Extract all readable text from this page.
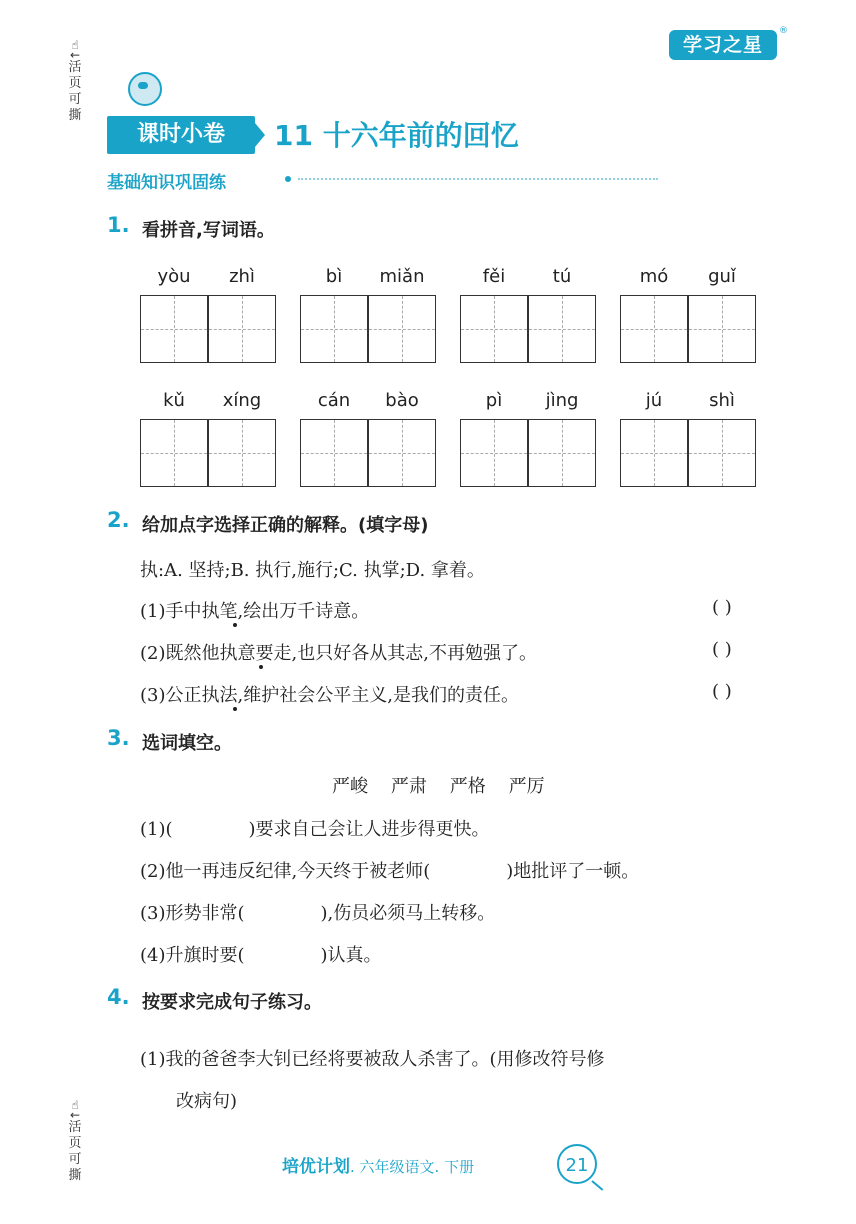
☝
←
活
页
可
撕
☝
←
活
页
可
撕
学习之星
®
课时小卷	11 十六年前的回忆
基础知识巩固练
1. 看拼音,写词语。
yòu	zhì	bì	miǎn	fěi	tú	mó	guǐ
kǔ	xíng	cán	bào	pì	jìng	jú	shì
2. 给加点字选择正确的解释。(填字母)
执:A. 坚持;B. 执行,施行;C. 执掌;D. 拿着。
(1)手中执笔,绘出万千诗意。	( )
(2)既然他执意要走,也只好各从其志,不再勉强了。	( )
(3)公正执法,维护社会公平主义,是我们的责任。	( )
3. 选词填空。
严峻    严肃    严格    严厉
(1)(	)要求自己会让人进步得更快。
(2)他一再违反纪律,今天终于被老师(	)地批评了一顿。
(3)形势非常(	),伤员必须马上转移。
(4)升旗时要(	)认真。
4. 按要求完成句子练习。
(1)我的爸爸李大钊已经将要被敌人杀害了。(用修改符号修
改病句)
培优计划. 六年级语文. 下册	21
